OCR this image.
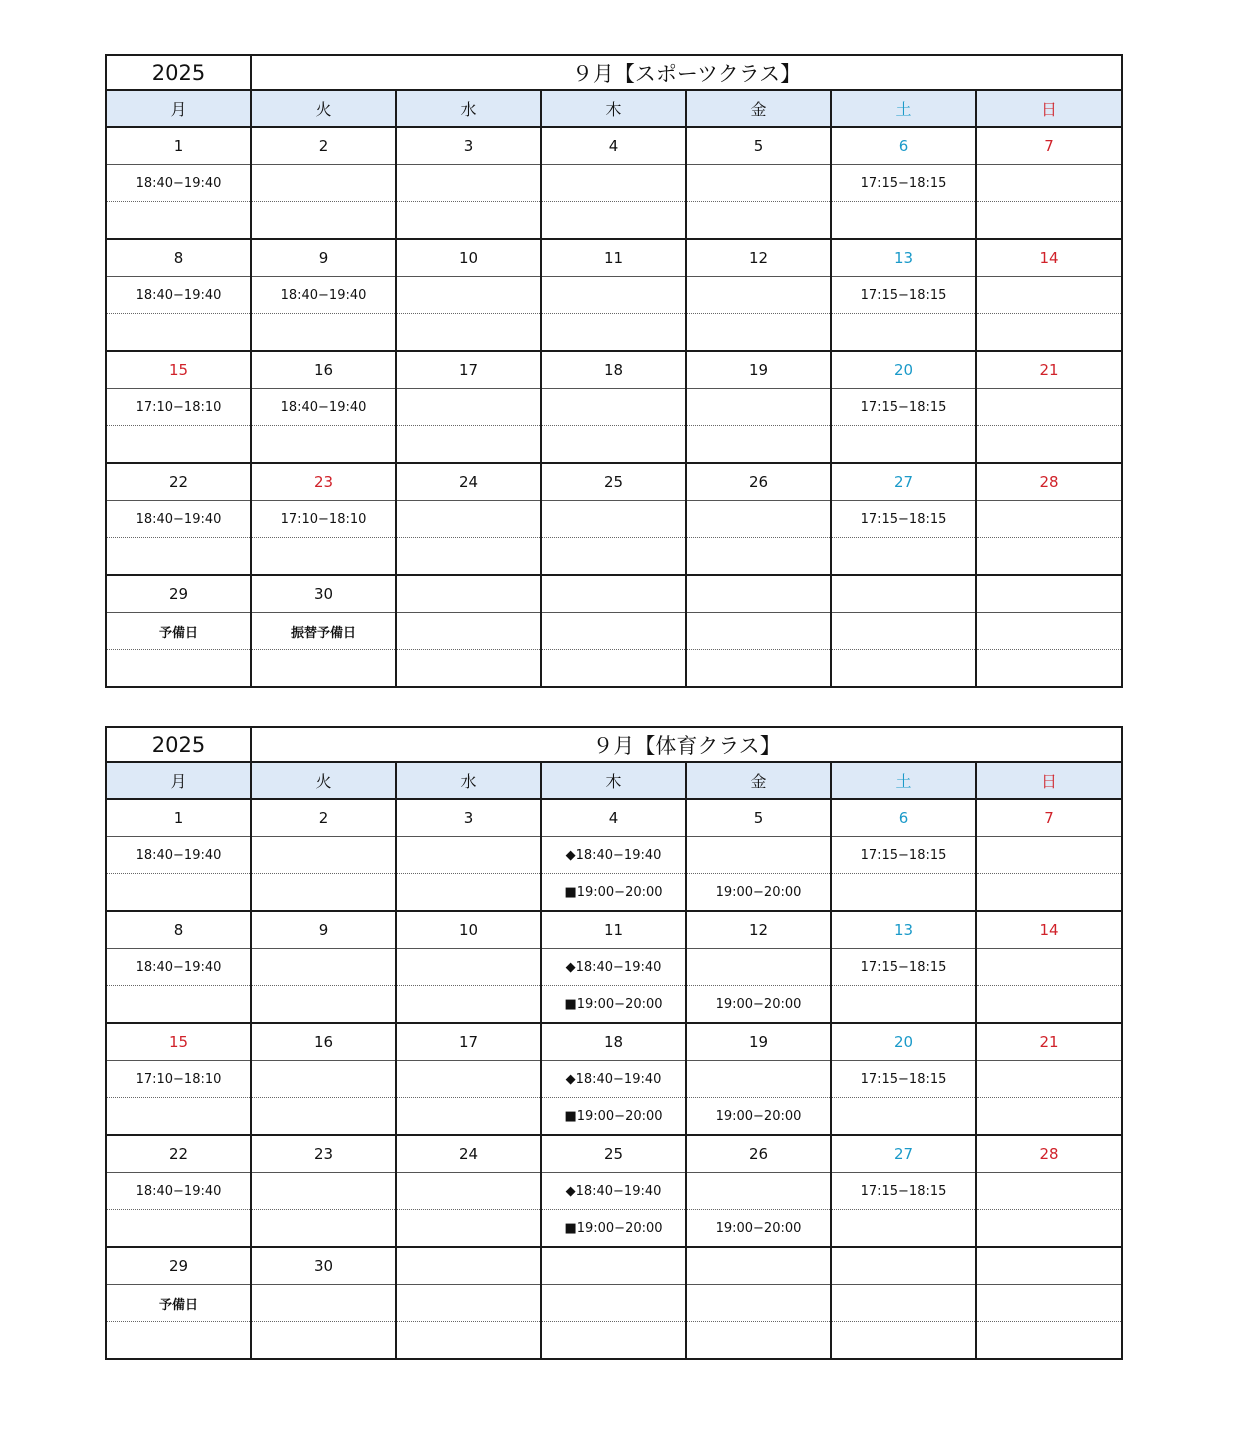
2025	９月【スポーツクラス】					
月	火	水	木	金	土	日
1	2	3	4	5	6	7
18:40−19:40					17:15−18:15	

8	9	10	11	12	13	14
18:40−19:40	18:40−19:40				17:15−18:15	

15	16	17	18	19	20	21
17:10−18:10	18:40−19:40				17:15−18:15	

22	23	24	25	26	27	28
18:40−19:40	17:10−18:10				17:15−18:15	

29	30					
予備日	振替予備日					

2025	９月【体育クラス】					
月	火	水	木	金	土	日
1	2	3	4	5	6	7
18:40−19:40			◆18:40−19:40		17:15−18:15	
			■19:00−20:00	19:00−20:00		
8	9	10	11	12	13	14
18:40−19:40			◆18:40−19:40		17:15−18:15	
			■19:00−20:00	19:00−20:00		
15	16	17	18	19	20	21
17:10−18:10			◆18:40−19:40		17:15−18:15	
			■19:00−20:00	19:00−20:00		
22	23	24	25	26	27	28
18:40−19:40			◆18:40−19:40		17:15−18:15	
			■19:00−20:00	19:00−20:00		
29	30					
予備日						
